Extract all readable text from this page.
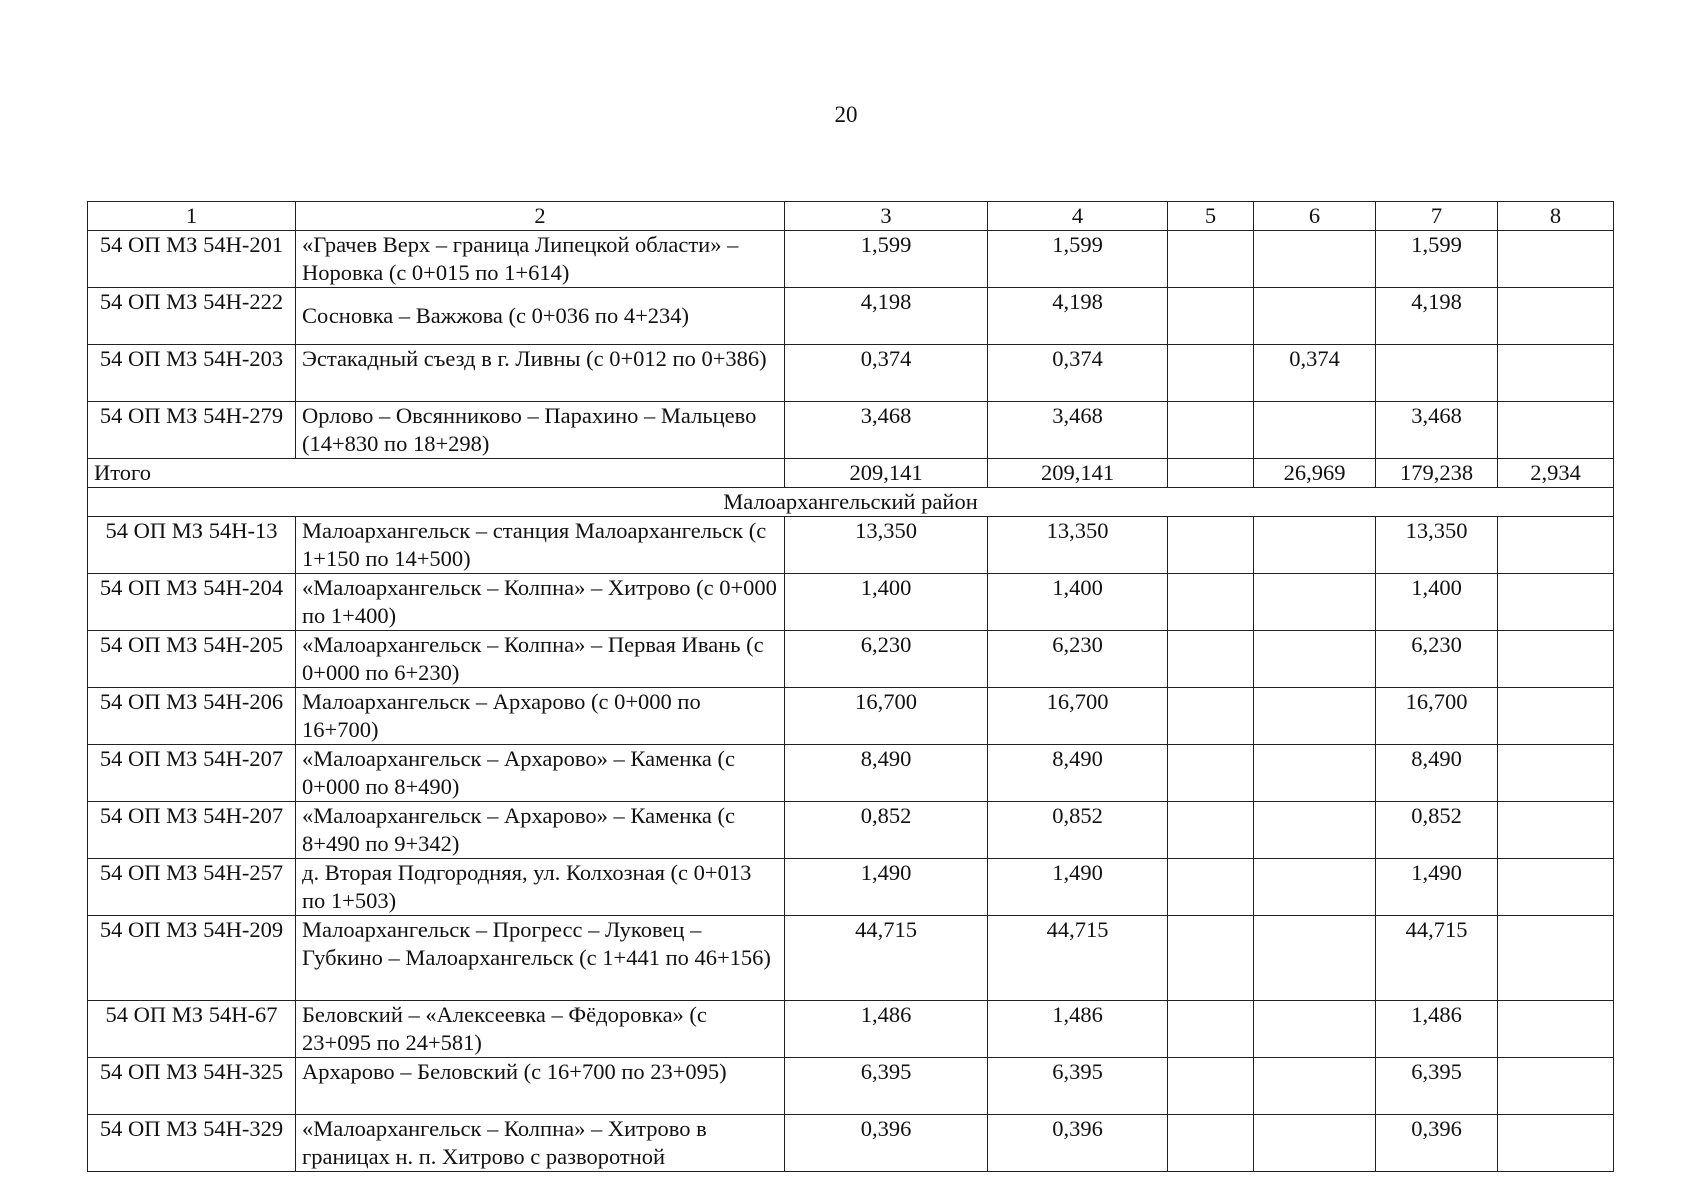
20
1	2	3	4	5	6	7	8
54 ОП МЗ 54Н-201	«Грачев Верх – граница Липецкой области» – Норовка (с 0+015 по 1+614)	1,599	1,599			1,599	
54 ОП МЗ 54Н-222	Сосновка – Важжова (с 0+036 по 4+234)	4,198	4,198			4,198	
54 ОП МЗ 54Н-203	Эстакадный съезд в г. Ливны (с 0+012 по 0+386)	0,374	0,374		0,374		
54 ОП МЗ 54Н-279	Орлово – Овсянниково – Парахино – Мальцево (14+830 по 18+298)	3,468	3,468			3,468	
Итого		209,141	209,141		26,969	179,238	2,934
Малоархангельский район							
54 ОП МЗ 54Н-13	Малоархангельск – станция Малоархангельск (с 1+150 по 14+500)	13,350	13,350			13,350	
54 ОП МЗ 54Н-204	«Малоархангельск – Колпна» – Хитрово (с 0+000 по 1+400)	1,400	1,400			1,400	
54 ОП МЗ 54Н-205	«Малоархангельск – Колпна» – Первая Ивань (с 0+000 по 6+230)	6,230	6,230			6,230	
54 ОП МЗ 54Н-206	Малоархангельск – Архарово (с 0+000 по 16+700)	16,700	16,700			16,700	
54 ОП МЗ 54Н-207	«Малоархангельск – Архарово» – Каменка (с 0+000 по 8+490)	8,490	8,490			8,490	
54 ОП МЗ 54Н-207	«Малоархангельск – Архарово» – Каменка (с 8+490 по 9+342)	0,852	0,852			0,852	
54 ОП МЗ 54Н-257	д. Вторая Подгородняя, ул. Колхозная (с 0+013 по 1+503)	1,490	1,490			1,490	
54 ОП МЗ 54Н-209	Малоархангельск – Прогресс – Луковец – Губкино – Малоархангельск (с 1+441 по 46+156)	44,715	44,715			44,715	
54 ОП МЗ 54Н-67	Беловский – «Алексеевка – Фёдоровка» (с 23+095 по 24+581)	1,486	1,486			1,486	
54 ОП МЗ 54Н-325	Архарово – Беловский (с 16+700 по 23+095)	6,395	6,395			6,395	
54 ОП МЗ 54Н-329	«Малоархангельск – Колпна» – Хитрово в границах н. п. Хитрово с разворотной	0,396	0,396			0,396	
